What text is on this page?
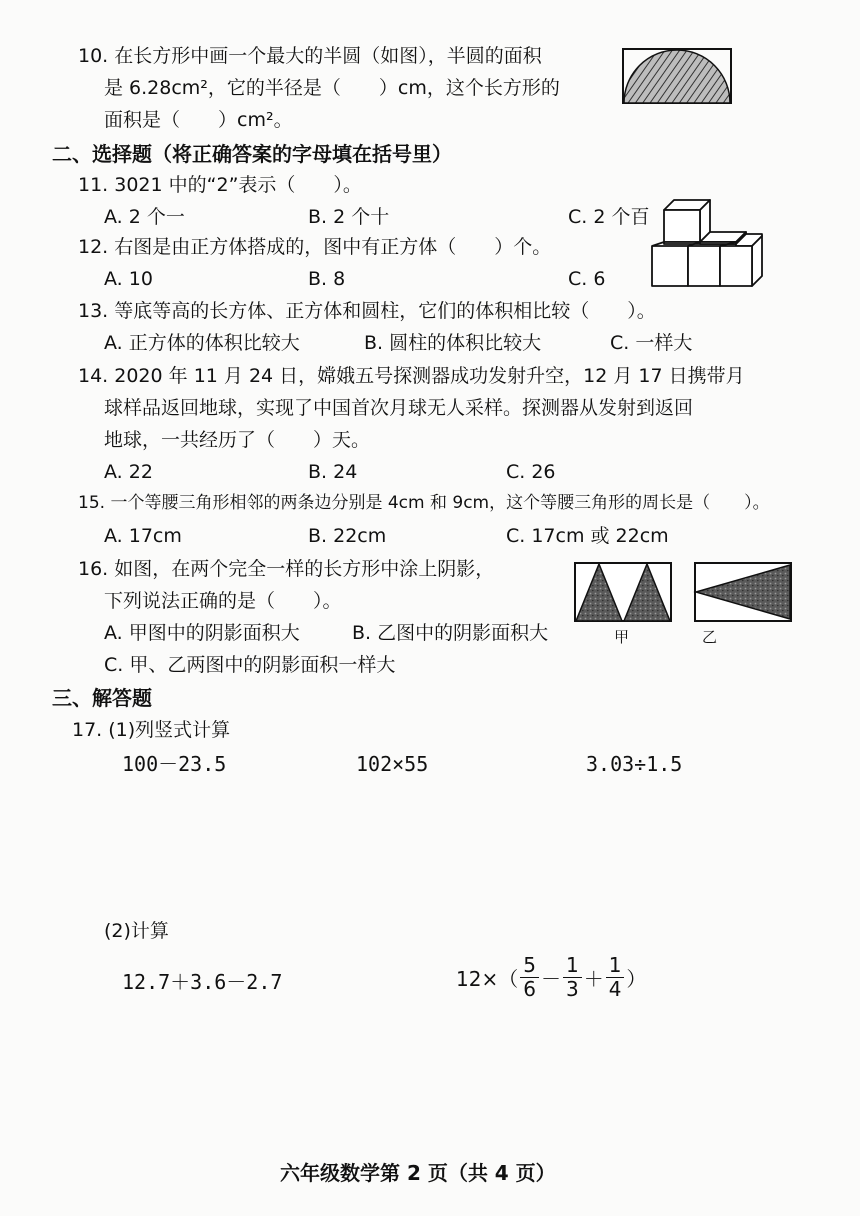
10. 在长方形中画一个最大的半圆（如图），半圆的面积
是 6.28cm²，它的半径是（　　）cm，这个长方形的
面积是（　　）cm²。
二、选择题（将正确答案的字母填在括号里）
11. 3021 中的“2”表示（　　）。
A. 2 个一	B. 2 个十	C. 2 个百
12. 右图是由正方体搭成的，图中有正方体（　　）个。
A. 10	B. 8	C. 6
13. 等底等高的长方体、正方体和圆柱，它们的体积相比较（　　）。
A. 正方体的体积比较大	B. 圆柱的体积比较大	C. 一样大
14. 2020 年 11 月 24 日，嫦娥五号探测器成功发射升空，12 月 17 日携带月
球样品返回地球，实现了中国首次月球无人采样。探测器从发射到返回
地球，一共经历了（　　）天。
A. 22	B. 24	C. 26
15. 一个等腰三角形相邻的两条边分别是 4cm 和 9cm，这个等腰三角形的周长是（　　）。
A. 17cm	B. 22cm	C. 17cm 或 22cm
16. 如图，在两个完全一样的长方形中涂上阴影，
下列说法正确的是（　　）。
A. 甲图中的阴影面积大	B. 乙图中的阴影面积大
C. 甲、乙两图中的阴影面积一样大
甲	乙
三、解答题
17. (1)列竖式计算
100－23.5	102×55	3.03÷1.5
(2)计算
12.7＋3.6－2.7	$12\times( \frac{5}{6} - \frac{1}{3} + \frac{1}{4}$ ）
六年级数学第 2 页（共 4 页）
